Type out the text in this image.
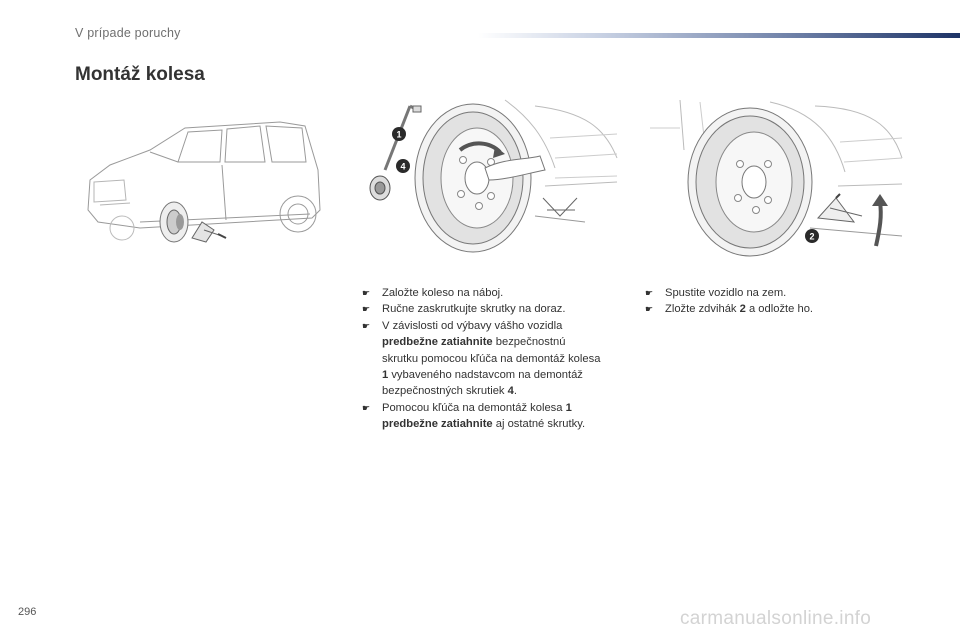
V prípade poruchy
Montáž kolesa
1
4
2
☛ Založte koleso na náboj.
☛ Ručne zaskrutkujte skrutky na doraz.
☛ V závislosti od výbavy vášho vozidla predbežne zatiahnite bezpečnostnú skrutku pomocou kľúča na demontáž kolesa 1 vybaveného nadstavcom na demontáž bezpečnostných skrutiek 4.
☛ Pomocou kľúča na demontáž kolesa 1 predbežne zatiahnite aj ostatné skrutky.
☛ Spustite vozidlo na zem.
☛ Zložte zdvihák 2 a odložte ho.
296	carmanualsonline.info
